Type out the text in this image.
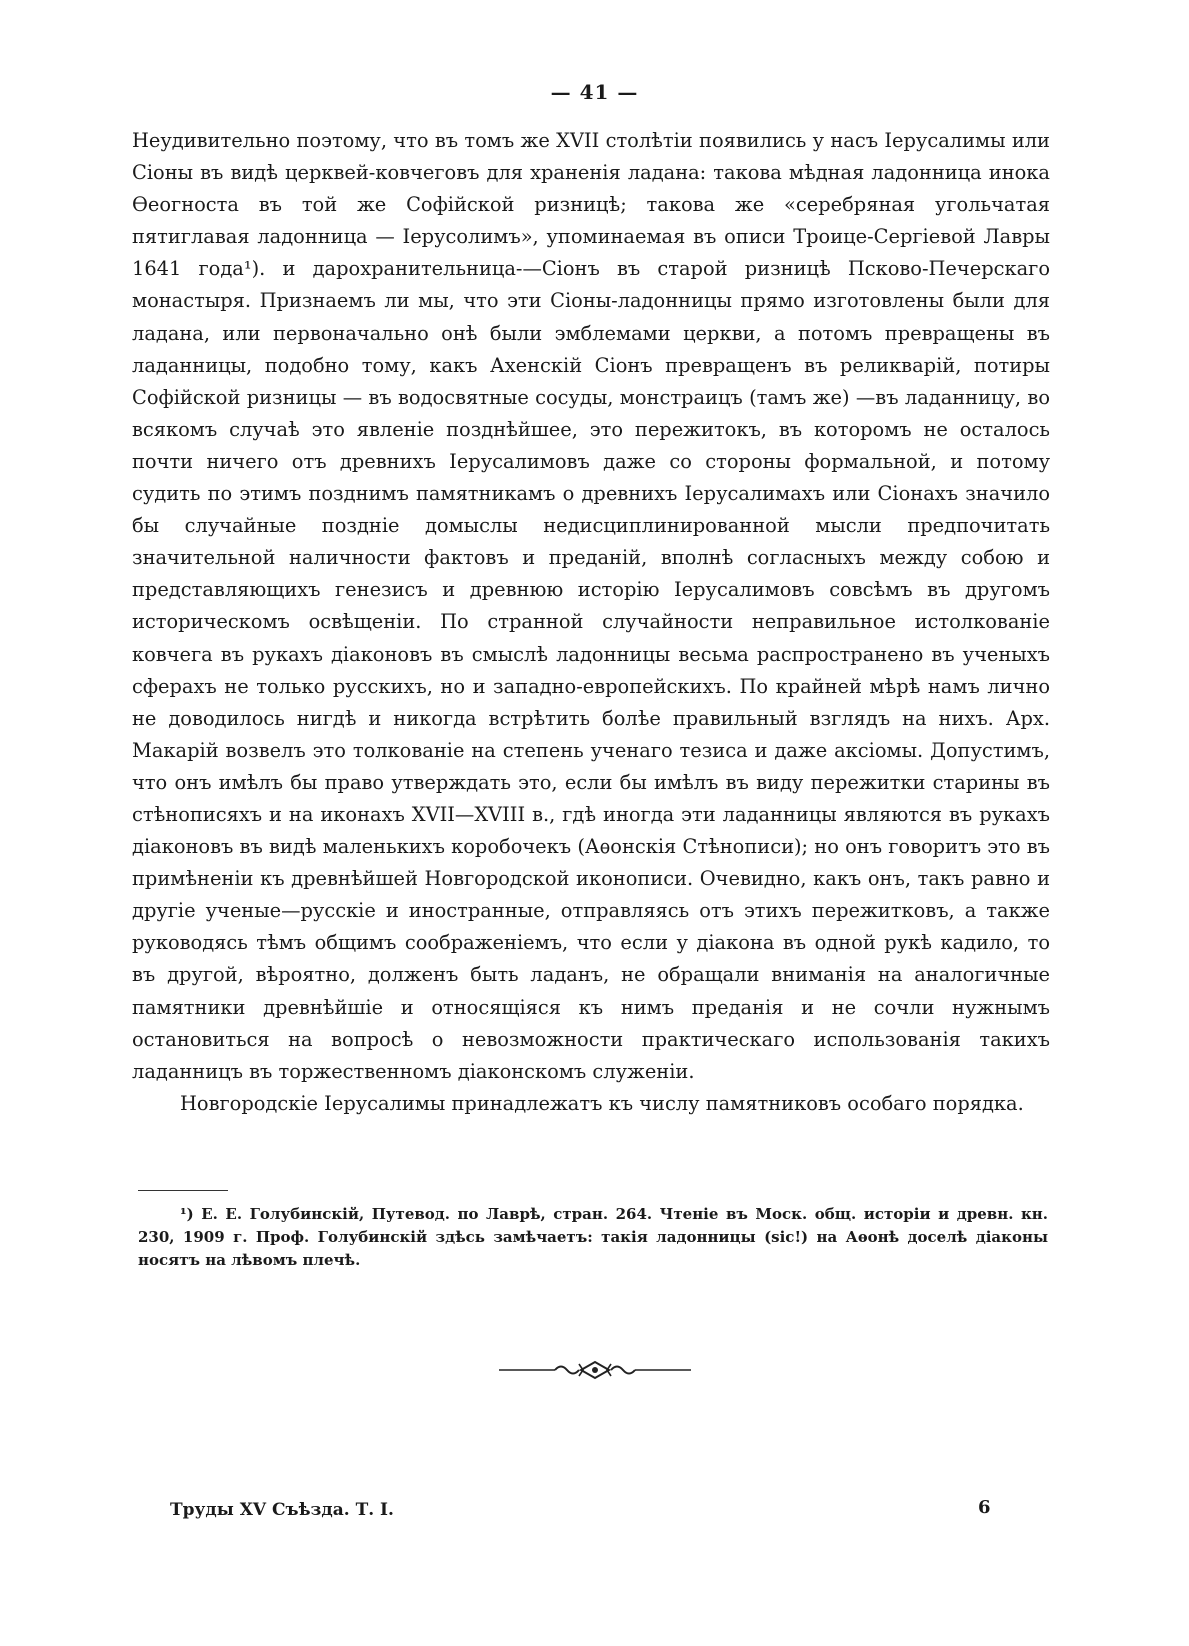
— 41 —

Неудивительно поэтому, что въ томъ же XVII столѣтіи появились у насъ Іерусалимы или Сіоны въ видѣ церквей-ковчеговъ для храненія ладана: такова мѣдная ладонница инока Ѳеогноста въ той же Софійской ризницѣ; такова же «серебряная угольчатая пятиглавая ладонница — Іерусолимъ», упоминаемая въ описи Троице-Сергіевой Лавры 1641 года¹). и дарохранительница-—Сіонъ въ старой ризницѣ Псково-Печерскаго монастыря. Признаемъ ли мы, что эти Сіоны-ладонницы прямо изготовлены были для ладана, или первоначально онѣ были эмблемами церкви, а потомъ превращены въ ладанницы, подобно тому, какъ Ахенскій Сіонъ превращенъ въ реликварій, потиры Софійской ризницы — въ водосвятные сосуды, монстраицъ (тамъ же) —въ ладанницу, во всякомъ случаѣ это явленіе позднѣйшее, это пережитокъ, въ которомъ не осталось почти ничего отъ древнихъ Іерусалимовъ даже со стороны формальной, и потому судить по этимъ позднимъ памятникамъ о древнихъ Іерусалимахъ или Сіонахъ значило бы случайные поздніе домыслы недисциплинированной мысли предпочитать значительной наличности фактовъ и преданій, вполнѣ согласныхъ между собою и представляющихъ генезисъ и древнюю исторію Іерусалимовъ совсѣмъ въ другомъ историческомъ освѣщеніи. По странной случайности неправильное истолкованіе ковчега въ рукахъ діаконовъ въ смыслѣ ладонницы весьма распространено въ ученыхъ сферахъ не только русскихъ, но и западно-европейскихъ. По крайней мѣрѣ намъ лично не доводилось нигдѣ и никогда встрѣтить болѣе правильный взглядъ на нихъ. Арх. Макарій возвелъ это толкованіе на степень ученаго тезиса и даже аксіомы. Допустимъ, что онъ имѣлъ бы право утверждать это, если бы имѣлъ въ виду пережитки старины въ стѣнописяхъ и на иконахъ XVII—XVIII в., гдѣ иногда эти ладанницы являются въ рукахъ діаконовъ въ видѣ маленькихъ коробочекъ (Аѳонскія Стѣнописи); но онъ говоритъ это въ примѣненіи къ древнѣйшей Новгородской иконописи. Очевидно, какъ онъ, такъ равно и другіе ученые—русскіе и иностранные, отправляясь отъ этихъ пережитковъ, а также руководясь тѣмъ общимъ соображеніемъ, что если у діакона въ одной рукѣ кадило, то въ другой, вѣроятно, долженъ быть ладанъ, не обращали вниманія на аналогичные памятники древнѣйшіе и относящіяся къ нимъ преданія и не сочли нужнымъ остановиться на вопросѣ о невозможности практическаго использованія такихъ ладанницъ въ торжественномъ діаконскомъ служеніи.

Новгородскіе Іерусалимы принадлежатъ къ числу памятниковъ особаго порядка.

¹) Е. Е. Голубинскій, Путевод. по Лаврѣ, стран. 264. Чтеніе въ Моск. общ. исторіи и древн. кн. 230, 1909 г. Проф. Голубинскій здѣсь замѣчаетъ: такія ладонницы (sic!) на Аѳонѣ доселѣ діаконы носятъ на лѣвомъ плечѣ.
Труды XV Съѣзда. Т. I.	6
